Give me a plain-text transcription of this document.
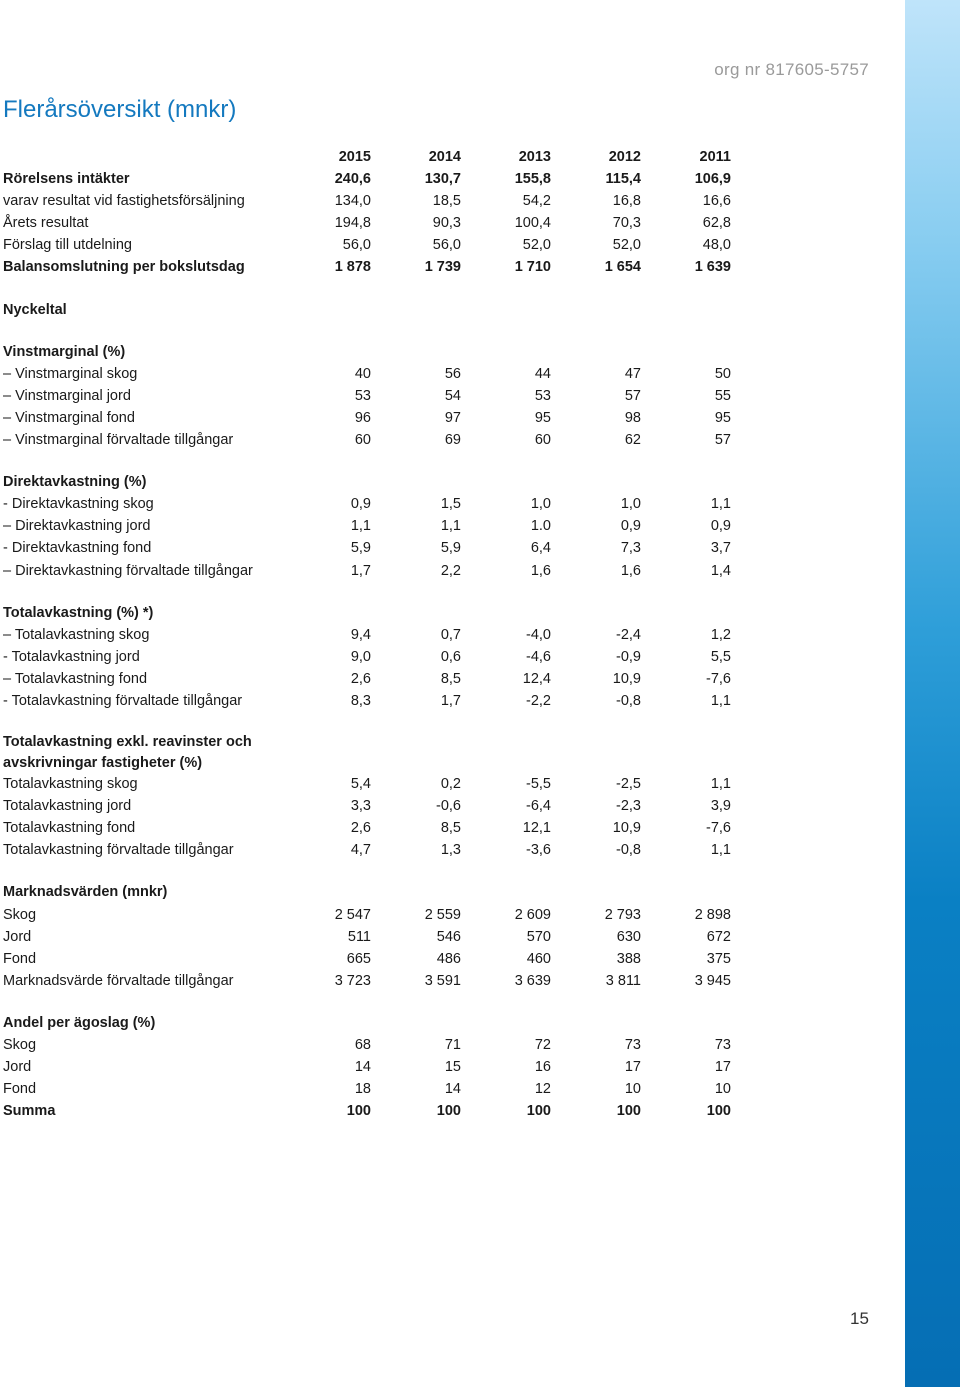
org nr 817605-5757
Flerårsöversikt (mnkr)
	2015	2014	2013	2012	2011
Rörelsens intäkter	240,6	130,7	155,8	115,4	106,9
varav resultat vid fastighetsförsäljning	134,0	18,5	54,2	16,8	16,6
Årets resultat	194,8	90,3	100,4	70,3	62,8
Förslag till utdelning	56,0	56,0	52,0	52,0	48,0
Balansomslutning per bokslutsdag	1 878	1 739	1 710	1 654	1 639

Nyckeltal					

Vinstmarginal (%)					
– Vinstmarginal skog	40	56	44	47	50
– Vinstmarginal jord	53	54	53	57	55
– Vinstmarginal fond	96	97	95	98	95
– Vinstmarginal förvaltade tillgångar	60	69	60	62	57

Direktavkastning (%)					
- Direktavkastning skog	0,9	1,5	1,0	1,0	1,1
– Direktavkastning jord	1,1	1,1	1.0	0,9	0,9
- Direktavkastning fond	5,9	5,9	6,4	7,3	3,7
– Direktavkastning förvaltade tillgångar	1,7	2,2	1,6	1,6	1,4

Totalavkastning (%) *)					
– Totalavkastning skog	9,4	0,7	-4,0	-2,4	1,2
- Totalavkastning jord	9,0	0,6	-4,6	-0,9	5,5
– Totalavkastning fond	2,6	8,5	12,4	10,9	-7,6
- Totalavkastning förvaltade tillgångar	8,3	1,7	-2,2	-0,8	1,1

Totalavkastning exkl. reavinster och					
avskrivningar fastigheter (%)					
Totalavkastning skog	5,4	0,2	-5,5	-2,5	1,1
Totalavkastning jord	3,3	-0,6	-6,4	-2,3	3,9
Totalavkastning fond	2,6	8,5	12,1	10,9	-7,6
Totalavkastning förvaltade tillgångar	4,7	1,3	-3,6	-0,8	1,1

Marknadsvärden (mnkr)					
Skog	2 547	2 559	2 609	2 793	2 898
Jord	511	546	570	630	672
Fond	665	486	460	388	375
Marknadsvärde förvaltade tillgångar	3 723	3 591	3 639	3 811	3 945

Andel per ägoslag (%)					
Skog	68	71	72	73	73
Jord	14	15	16	17	17
Fond	18	14	12	10	10
Summa	100	100	100	100	100
15
